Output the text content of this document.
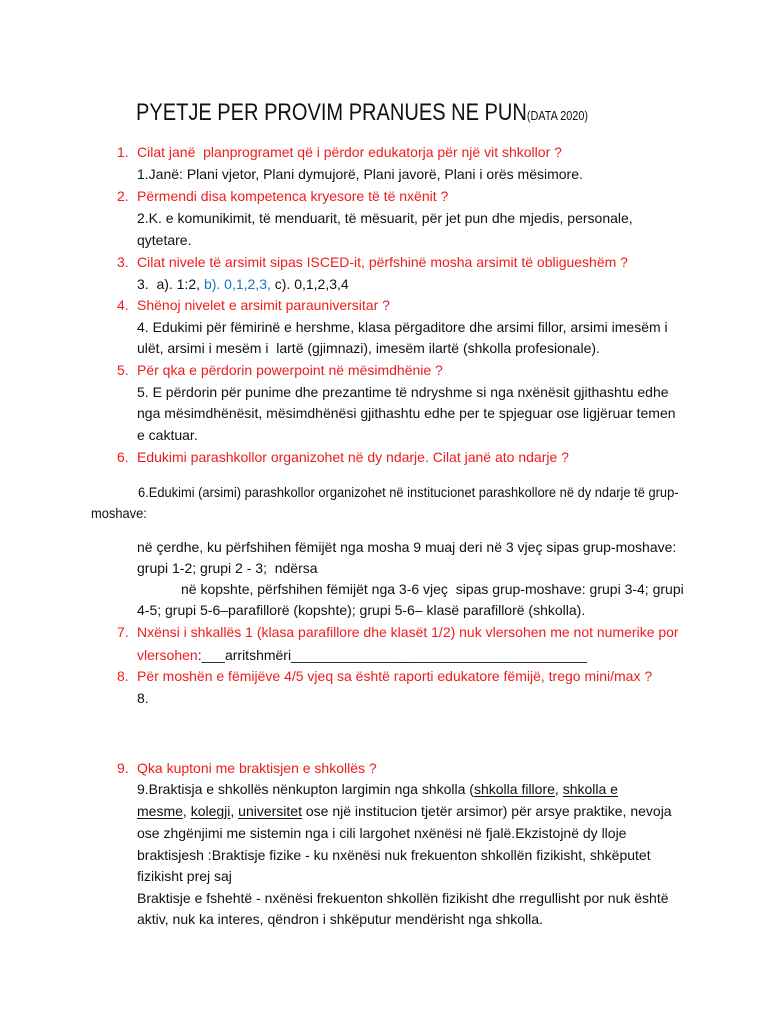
PYETJE PER PROVIM PRANUES NE PUN(DATA 2020)
1. Cilat janë  planprogramet që i përdor edukatorja për një vit shkollor ?
1.Janë: Plani vjetor, Plani dymujorë, Plani javorë, Plani i orës mësimore.
2. Përmendi disa kompetenca kryesore të të nxënit ?
2.K. e komunikimit, të menduarit, të mësuarit, për jet pun dhe mjedis, personale,
qytetare.
3. Cilat nivele të arsimit sipas ISCED-it, përfshinë mosha arsimit të obligueshëm ?
3.  a). 1:2, b). 0,1,2,3, c). 0,1,2,3,4
4. Shënoj nivelet e arsimit parauniversitar ?
4. Edukimi për fëmirinë e hershme, klasa përgaditore dhe arsimi fillor, arsimi imesëm i
ulët, arsimi i mesëm i  lartë (gjimnazi), imesëm ilartë (shkolla profesionale).
5. Për qka e përdorin powerpoint në mësimdhënie ?
5. E përdorin për punime dhe prezantime të ndryshme si nga nxënësit gjithashtu edhe
nga mësimdhënësit, mësimdhënësi gjithashtu edhe per te spjeguar ose ligjëruar temen
e caktuar.
6. Edukimi parashkollor organizohet në dy ndarje. Cilat janë ato ndarje ?
6.Edukimi (arsimi) parashkollor organizohet në institucionet parashkollore në dy ndarje të grup-
moshave:
në çerdhe, ku përfshihen fëmijët nga mosha 9 muaj deri në 3 vjeç sipas grup-moshave:
grupi 1-2; grupi 2 - 3;  ndërsa
në kopshte, përfshihen fëmijët nga 3-6 vjeç  sipas grup-moshave: grupi 3-4; grupi
4-5; grupi 5-6–parafillorë (kopshte); grupi 5-6– klasë parafillorë (shkolla).
7. Nxënsi i shkallës 1 (klasa parafillore dhe klasët 1/2) nuk vlersohen me not numerike por
vlersohen:___arritshmëri______________________________________
8. Për moshën e fëmijëve 4/5 vjeq sa është raporti edukatore fëmijë, trego mini/max ?
8.
9. Qka kuptoni me braktisjen e shkollës ?
9.Braktisja e shkollës nënkupton largimin nga shkolla (shkolla fillore, shkolla e
mesme, kolegji, universitet ose një institucion tjetër arsimor) për arsye praktike, nevoja
ose zhgënjimi me sistemin nga i cili largohet nxënësi në fjalë.Ekzistojnë dy lloje
braktisjesh :Braktisje fizike - ku nxënësi nuk frekuenton shkollën fizikisht, shkëputet
fizikisht prej saj
Braktisje e fshehtë - nxënësi frekuenton shkollën fizikisht dhe rregullisht por nuk është
aktiv, nuk ka interes, qëndron i shkëputur mendërisht nga shkolla.
